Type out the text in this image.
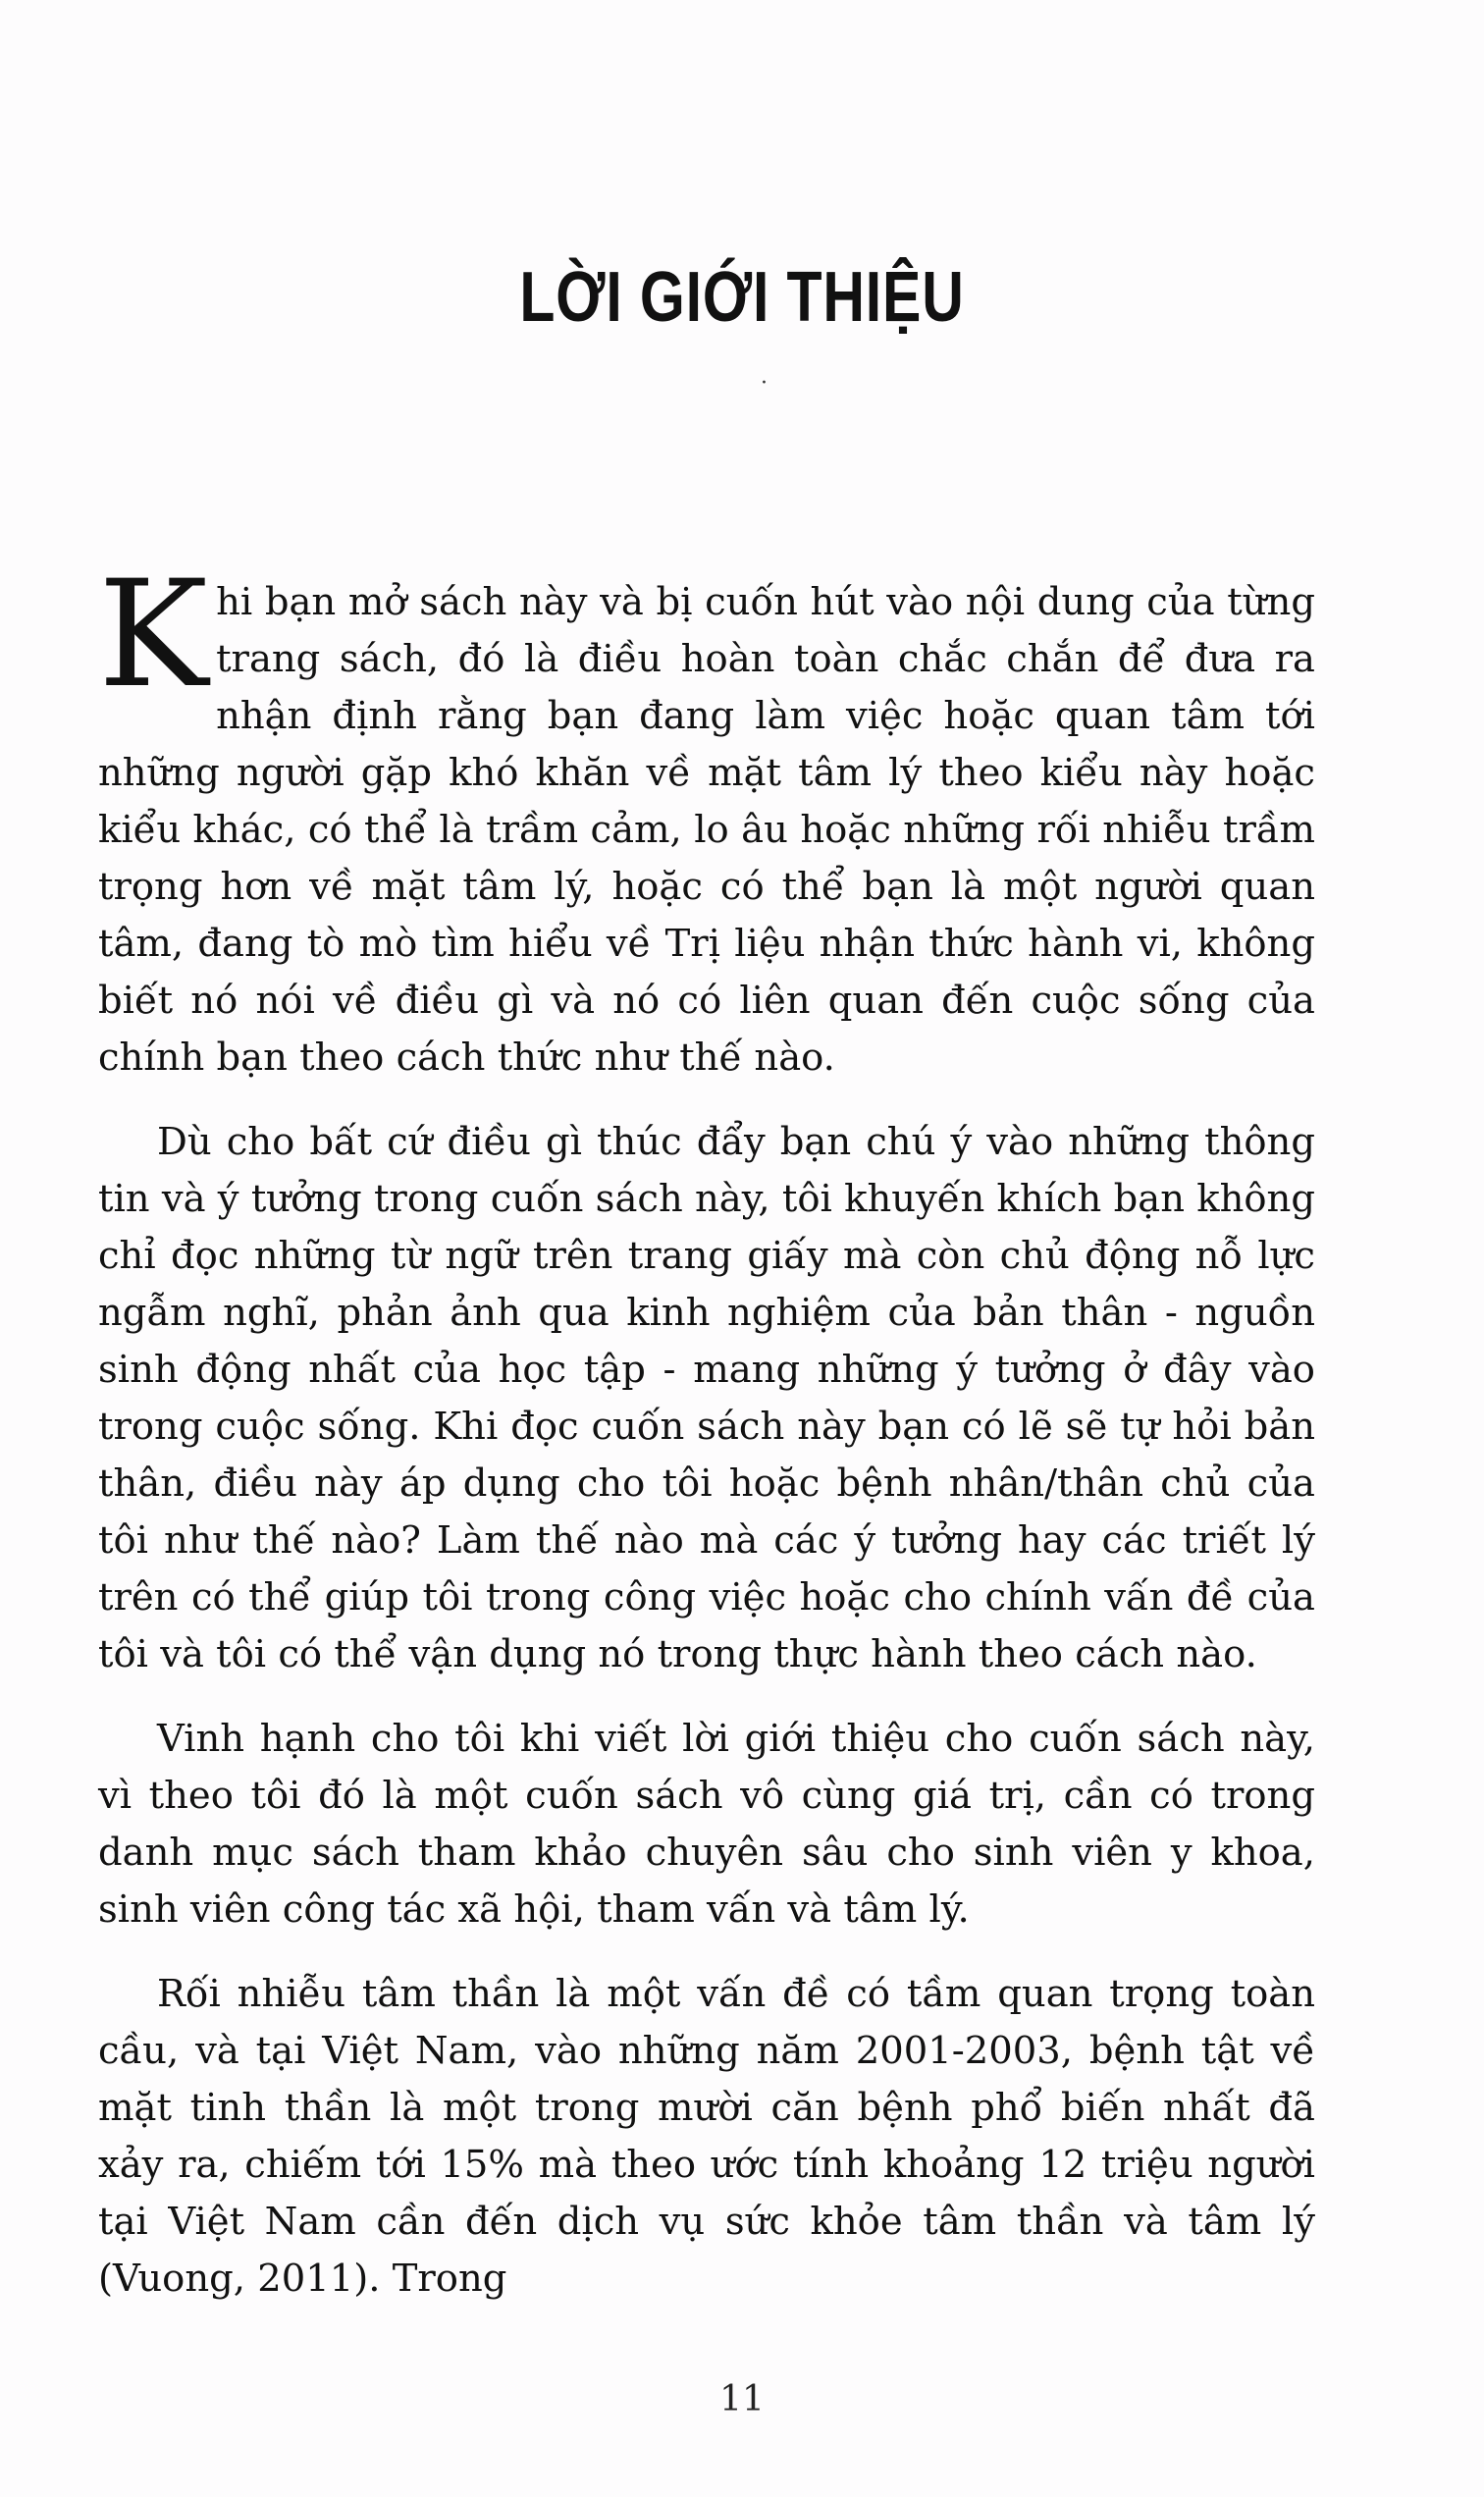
LỜI GIỚI THIỆU
·

Khi bạn mở sách này và bị cuốn hút vào nội dung của từng trang sách, đó là điều hoàn toàn chắc chắn để đưa ra nhận định rằng bạn đang làm việc hoặc quan tâm tới những người gặp khó khăn về mặt tâm lý theo kiểu này hoặc kiểu khác, có thể là trầm cảm, lo âu hoặc những rối nhiễu trầm trọng hơn về mặt tâm lý, hoặc có thể bạn là một người quan tâm, đang tò mò tìm hiểu về Trị liệu nhận thức hành vi, không biết nó nói về điều gì và nó có liên quan đến cuộc sống của chính bạn theo cách thức như thế nào.

Dù cho bất cứ điều gì thúc đẩy bạn chú ý vào những thông tin và ý tưởng trong cuốn sách này, tôi khuyến khích bạn không chỉ đọc những từ ngữ trên trang giấy mà còn chủ động nỗ lực ngẫm nghĩ, phản ảnh qua kinh nghiệm của bản thân - nguồn sinh động nhất của học tập - mang những ý tưởng ở đây vào trong cuộc sống. Khi đọc cuốn sách này bạn có lẽ sẽ tự hỏi bản thân, điều này áp dụng cho tôi hoặc bệnh nhân/thân chủ của tôi như thế nào? Làm thế nào mà các ý tưởng hay các triết lý trên có thể giúp tôi trong công việc hoặc cho chính vấn đề của tôi và tôi có thể vận dụng nó trong thực hành theo cách nào.

Vinh hạnh cho tôi khi viết lời giới thiệu cho cuốn sách này, vì theo tôi đó là một cuốn sách vô cùng giá trị, cần có trong danh mục sách tham khảo chuyên sâu cho sinh viên y khoa, sinh viên công tác xã hội, tham vấn và tâm lý.

Rối nhiễu tâm thần là một vấn đề có tầm quan trọng toàn cầu, và tại Việt Nam, vào những năm 2001-2003, bệnh tật về mặt tinh thần là một trong mười căn bệnh phổ biến nhất đã xảy ra, chiếm tới 15% mà theo ước tính khoảng 12 triệu người tại Việt Nam cần đến dịch vụ sức khỏe tâm thần và tâm lý (Vuong, 2011). Trong

11
